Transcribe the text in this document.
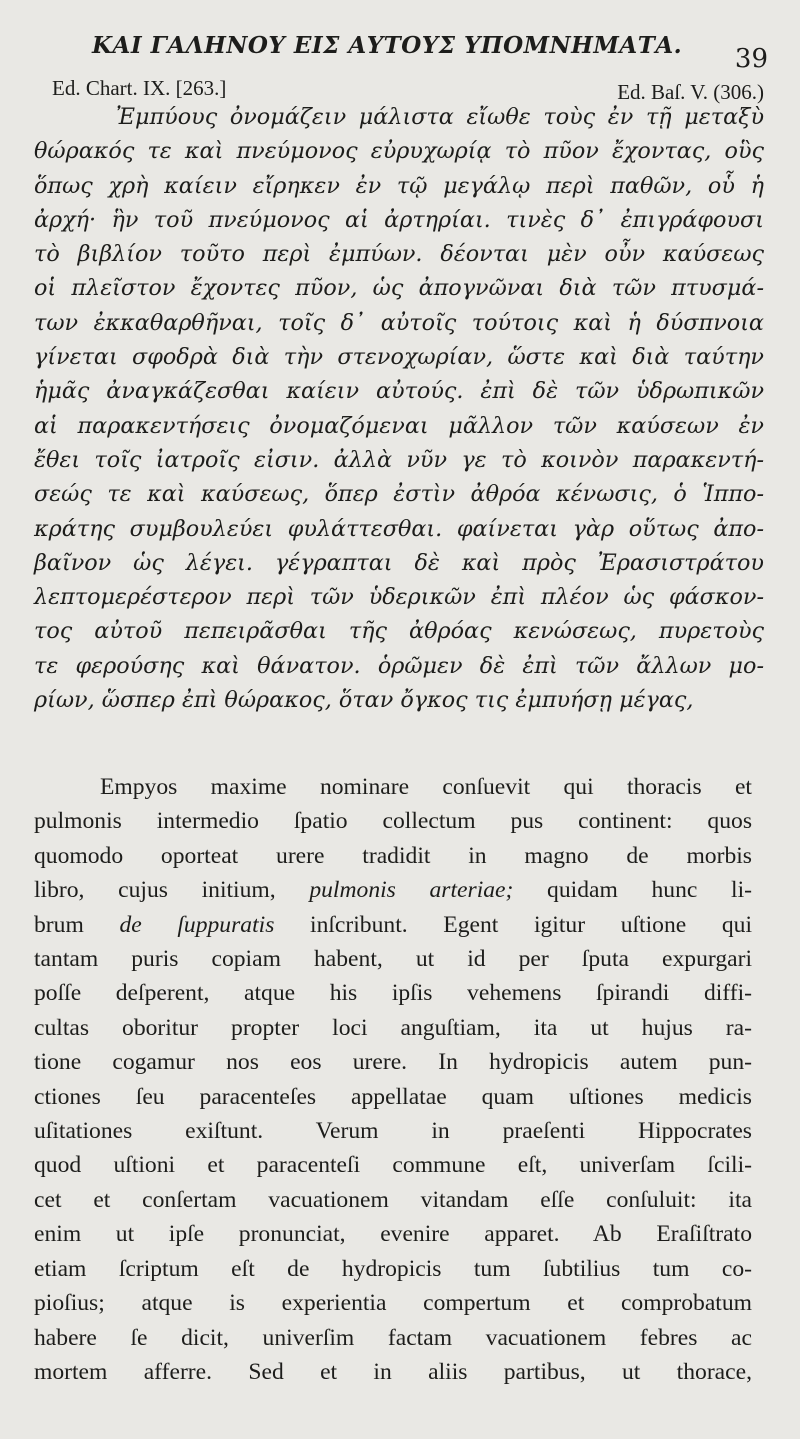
ΚΑΙ ΓΑΛΗΝΟΥ ΕΙΣ ΑΥΤΟΥΣ ΥΠΟΜΝΗΜΑΤΑ. 39
Ed. Chart. IX. [263.]	Ed. Baſ. V. (306.)
Ἐμπύους ὀνομάζειν μάλιστα εἴωθε τοὺς ἐν τῇ μεταξὺ
θώρακός τε καὶ πνεύμονος εὐρυχωρίᾳ τὸ πῦον ἔχοντας, οὓς
ὅπως χρὴ καίειν εἴρηκεν ἐν τῷ μεγάλῳ περὶ παθῶν, οὗ ἡ
ἀρχή· ἣν τοῦ πνεύμονος αἱ ἀρτηρίαι. τινὲς δ᾽ ἐπιγράφουσι
τὸ βιβλίον τοῦτο περὶ ἐμπύων. δέονται μὲν οὖν καύσεως
οἱ πλεῖστον ἔχοντες πῦον, ὡς ἀπογνῶναι διὰ τῶν πτυσμά-
των ἐκκαθαρθῆναι, τοῖς δ᾽ αὐτοῖς τούτοις καὶ ἡ δύσπνοια
γίνεται σφοδρὰ διὰ τὴν στενοχωρίαν, ὥστε καὶ διὰ ταύτην
ἡμᾶς ἀναγκάζεσθαι καίειν αὐτούς. ἐπὶ δὲ τῶν ὑδρωπικῶν
αἱ παρακεντήσεις ὀνομαζόμεναι μᾶλλον τῶν καύσεων ἐν
ἔθει τοῖς ἰατροῖς εἰσιν. ἀλλὰ νῦν γε τὸ κοινὸν παρακεντή-
σεώς τε καὶ καύσεως, ὅπερ ἐστὶν ἀθρόα κένωσις, ὁ Ἱππο-
κράτης συμβουλεύει φυλάττεσθαι. φαίνεται γὰρ οὕτως ἀπο-
βαῖνον ὡς λέγει. γέγραπται δὲ καὶ πρὸς Ἐρασιστράτου
λεπτομερέστερον περὶ τῶν ὑδερικῶν ἐπὶ πλέον ὡς φάσκον-
τος αὐτοῦ πεπειρᾶσθαι τῆς ἀθρόας κενώσεως, πυρετοὺς
τε φερούσης καὶ θάνατον. ὁρῶμεν δὲ ἐπὶ τῶν ἄλλων μο-
ρίων, ὥσπερ ἐπὶ θώρακος, ὅταν ὄγκος τις ἐμπυήσῃ μέγας,
Empyos maxime nominare conſuevit qui thoracis et
pulmonis intermedio ſpatio collectum pus continent: quos
quomodo oporteat urere tradidit in magno de morbis
libro, cujus initium, pulmonis arteriae; quidam hunc li-
brum de ſuppuratis inſcribunt. Egent igitur uſtione qui
tantam puris copiam habent, ut id per ſputa expurgari
poſſe deſperent, atque his ipſis vehemens ſpirandi diffi-
cultas oboritur propter loci anguſtiam, ita ut hujus ra-
tione cogamur nos eos urere. In hydropicis autem pun-
ctiones ſeu paracenteſes appellatae quam uſtiones medicis
uſitationes exiſtunt. Verum in praeſenti Hippocrates
quod uſtioni et paracenteſi commune eſt, univerſam ſcili-
cet et conſertam vacuationem vitandam eſſe conſuluit: ita
enim ut ipſe pronunciat, evenire apparet. Ab Eraſiſtrato
etiam ſcriptum eſt de hydropicis tum ſubtilius tum co-
pioſius; atque is experientia compertum et comprobatum
habere ſe dicit, univerſim factam vacuationem febres ac
mortem afferre. Sed et in aliis partibus, ut thorace,
